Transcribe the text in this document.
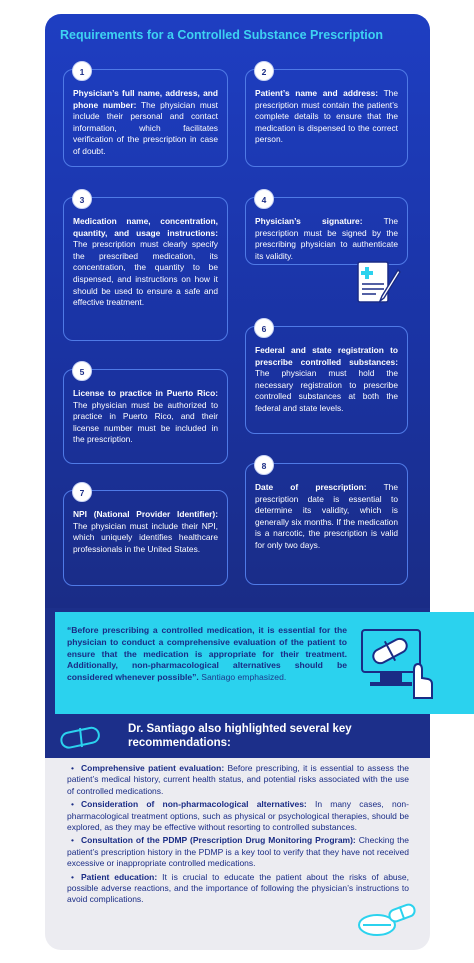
Requirements for a Controlled Substance Prescription
1
Physician’s full name, address, and phone number: The physician must include their personal and contact information, which facilitates verification of the prescription in case of doubt.
2
Patient’s name and address: The prescription must contain the patient’s complete details to ensure that the medication is dispensed to the correct person.
3
Medication name, concentration, quantity, and usage instructions: The prescription must clearly specify the prescribed medication, its concentration, the quantity to be dispensed, and instructions on how it should be used to ensure a safe and effective treatment.
4
Physician’s signature: The prescription must be signed by the prescribing physician to authenticate its validity.
5
License to practice in Puerto Rico: The physician must be authorized to practice in Puerto Rico, and their license number must be included in the prescription.
6
Federal and state registration to prescribe controlled substances: The physician must hold the necessary registration to prescribe controlled substances at both the federal and state levels.
7
NPI (National Provider Identifier): The physician must include their NPI, which uniquely identifies healthcare professionals in the United States.
8
Date of prescription: The prescription date is essential to determine its validity, which is generally six months. If the medication is a narcotic, the prescription is valid for only two days.
“Before prescribing a controlled medication, it is essential for the physician to conduct a comprehensive evaluation of the patient to ensure that the medication is appropriate for their treatment. Additionally, non-pharmacological alternatives should be considered whenever possible”. Santiago emphasized.
Dr. Santiago also highlighted several key recommendations:
• Comprehensive patient evaluation: Before prescribing, it is essential to assess the patient’s medical history, current health status, and potential risks associated with the use of controlled medications.
• Consideration of non-pharmacological alternatives: In many cases, non-pharmacological treatment options, such as physical or psychological therapies, should be explored, as they may be effective without resorting to controlled substances.
• Consultation of the PDMP (Prescription Drug Monitoring Program): Checking the patient’s prescription history in the PDMP is a key tool to verify that they have not received excessive or inappropriate controlled medications.
• Patient education: It is crucial to educate the patient about the risks of abuse, possible adverse reactions, and the importance of following the physician’s instructions to avoid complications.
